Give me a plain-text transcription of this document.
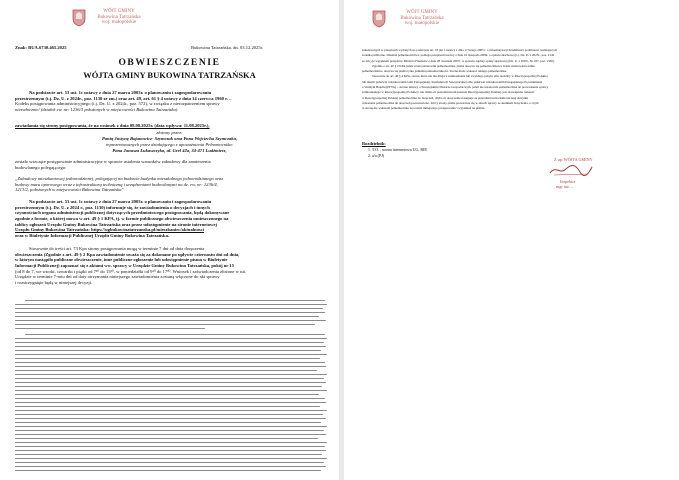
WÓJT GMINY
Bukowina Tatrzańska
woj. małopolskie
Znak: BUA.6730.465.2025	Bukowina Tatrzańska, dn. 03.12.2025r.
OBWIESZCZENIE
WÓJTA GMINY BUKOWINA TATRZAŃSKA
Na podstawie art. 53 ust. 1c ustawy z dnia 27 marca 2003r. o planowaniu i zagospodarowaniu
przestrzennym (t.j. Dz. U. z 2024r., poz. 1130 ze zm.) oraz art. 49, art. 61 § 4 ustawy z dnia 14 czerwca 1960 r. –
Kodeks postępowania administracyjnego (t.j. Dz. U. z 2024r., poz. 572), w związku z nierozpatrzeniem sprawy
niezwłocznie/ (działek ew. nr: 1236/3 położonych w miejscowości Bukowina Tatrzańska).
zawiadamia się strony postępowania, że na wniosek z dnia 08.08.2025r. (data wpływu: 11.08.2025r.),
złożony przez:
Panią Justynę Bajanowicz- Szymczak oraz Pana Wojciecha Szymczaka,
reprezentowanych przez działającego z upoważnienia Pełnomocnika:
Pana Janusza Łukaszczyka, ul. Grel 42a, 34-471 Ludźmierz,
zostało wszczęte postępowanie administracyjne w sprawie ustalenia warunków zabudowy dla zamierzenia
budowlanego polegającego:
„Zabudowy mieszkaniowej jednorodzinnej, polegającej na budowie budynku mieszkalnego jednorodzinnego oraz
budowy muru oporowego wraz z infrastrukturą techniczną i urządzeniami budowlanymi na dz. ew. nr: 1236/4,
1213/2, położonych w miejscowości Bukowina Tatrzańska"
Na podstawie art. 53 ust. 1c ustawy z dnia 27 marca 2003r. o planowaniu i zagospodarowaniu
przestrzennym (t.j. Dz. U. z 2024 r., poz. 1130) informuje się, że zawiadomienia o decyzjach i innych
czynnościach organu administracji publicznej dotyczących przedmiotowego postępowania, będą dokonywane
zgodnie z formie, o której mowa w art. 49 § 1 KPA, tj. w formie publicznego obwieszczenia umieszczonego na
tablicy ogłoszeń Urzędu Gminy Bukowina Tatrzańska oraz przez udostępnienie na stronie internetowej
Urzędu Gminy Bukowina Tatrzańska: https://ugbukowinatatrzanska.pl/mieszkaniec/aktualnosci
oraz w Biuletynie Informacji Publicznej Urzędu Gminy Bukowina Tatrzańska.
Stosownie do treści art. 73 Kpa strony postępowania mogą w terminie 7 dni od dnia doręczenia
obwieszczenia (Zgodnie z art. 49 § 2 Kpa zawiadomienie uważa się za dokonane po upływie czternastu dni od dnia,
w którym nastąpiło publiczne obwieszczenie, inne publiczne ogłoszenie lub udostępnienie pisma w Biuletynie
Informacji Publicznej) zapoznać się z aktami ww. sprawy w Urzędzie Gminy Bukowina Tatrzańska, pokój nr 15
(od 8 do 7, we wtorki, czwartki i piątki od 7³⁰ do 15³⁰, w poniedziałki od 9³⁰ do 17³⁰. Wniosek i zaświadczenia złożone w tut.
Urzędzie w terminie 7-miu dni od daty otrzymania niniejszego zawiadomienia zostaną włączone do akt sprawy
i rozstrzygnięte będą w niniejszej decyzji.
WÓJT GMINY
Bukowina Tatrzańska
woj. małopolskie
zakończonych w przepisach wydanych na podstawie art. 18 pkt 1 ustawy z dnia 17 lutego 2005 r. o informatyzacji działalności podmiotów realizujących
zadania publiczne. Dzienne pełnomocnictwa, podlega przepisom ustawy z dnia 16 listopada 2006r. o opłacie skarbowej (t.j. Dz. U. z 2023r., poz. 2142
ze zm.) (z wyjątkiem przepisów Ministra Finansów z dnia 28 września 2007r. w sprawie zapłaty opłaty skarbowej (Dz. U. z 2007r. Nr 187, poz. 1330).
Zgodnie z art. 40 § 2 KPA jeżeli strona ustanowiła pełnomocnika, pisma doręcza się pełnomocnikowi. Jeżeli ustanowiono kilku
pełnomocników, doręcza się pisma tylko jednemu pełnomocnikowi. Strona może wskazać takiego pełnomocnika.
Stosownie do art. 40 § 4 KPA, strona, która nie ma miejsca zamieszkania lub zwykłego pobytu albo siedziby w Rzeczypospolitej Polskiej
lub innym państwie członkowskim Unii Europejskiej, Konfederacji Szwajcarskiej albo państwie członkowskim Europejskiego Porozumienia
o Wolnym Handlu (EFTA) – stronie umowy o Europejskim Obszarze Gospodarczym, jeżeli nie ustanowiła pełnomocnika do prowadzenia sprawy
zamieszkałego w Rzeczypospolitej Polskiej i nie działa za pośrednictwem konsula Rzeczypospolitej Polskiej, jest obowiązana wskazać
w Rzeczypospolitej Polskiej pełnomocnika do doręczeń, chyba że doręczenie następuje za pośrednictwem elektronicznej skrzynki
wskazania pełnomocnika do doręczeń pozostawione. Jeli ty strony pisma pozostawia się w aktach sprawy ze skutkiem doręczenia, o czym
ta stroną nie wskazała pełnomocnika na terenie mniejszego postępowania i wyjaśnień na piśmie.
Rozdzielnik:
1. T.O. , strona internetowa UG, BIP,
2. a/a (PJ)
Z up. WÓJTA GMINY
Inspektor
mgr inż. ...
